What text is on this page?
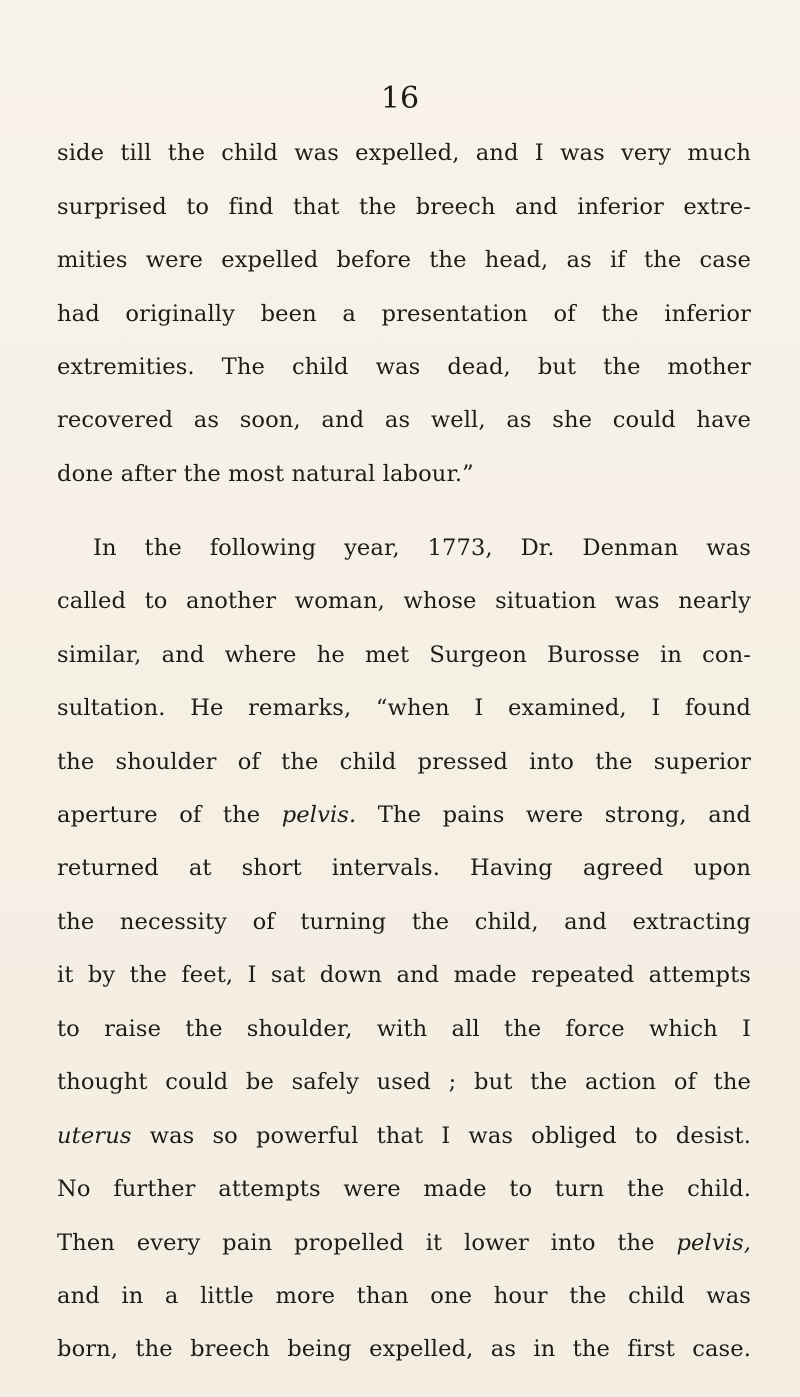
16
side till the child was expelled, and I was very much
surprised to find that the breech and inferior extre-
mities were expelled before the head, as if the case
had originally been a presentation of the inferior
extremities. The child was dead, but the mother
recovered as soon, and as well, as she could have
done after the most natural labour.”
In the following year, 1773, Dr. Denman was
called to another woman, whose situation was nearly
similar, and where he met Surgeon Burosse in con-
sultation. He remarks, “when I examined, I found
the shoulder of the child pressed into the superior
aperture of the pelvis. The pains were strong, and
returned at short intervals. Having agreed upon
the necessity of turning the child, and extracting
it by the feet, I sat down and made repeated attempts
to raise the shoulder, with all the force which I
thought could be safely used ; but the action of the
uterus was so powerful that I was obliged to desist.
No further attempts were made to turn the child.
Then every pain propelled it lower into the pelvis,
and in a little more than one hour the child was
born, the breech being expelled, as in the first case.
